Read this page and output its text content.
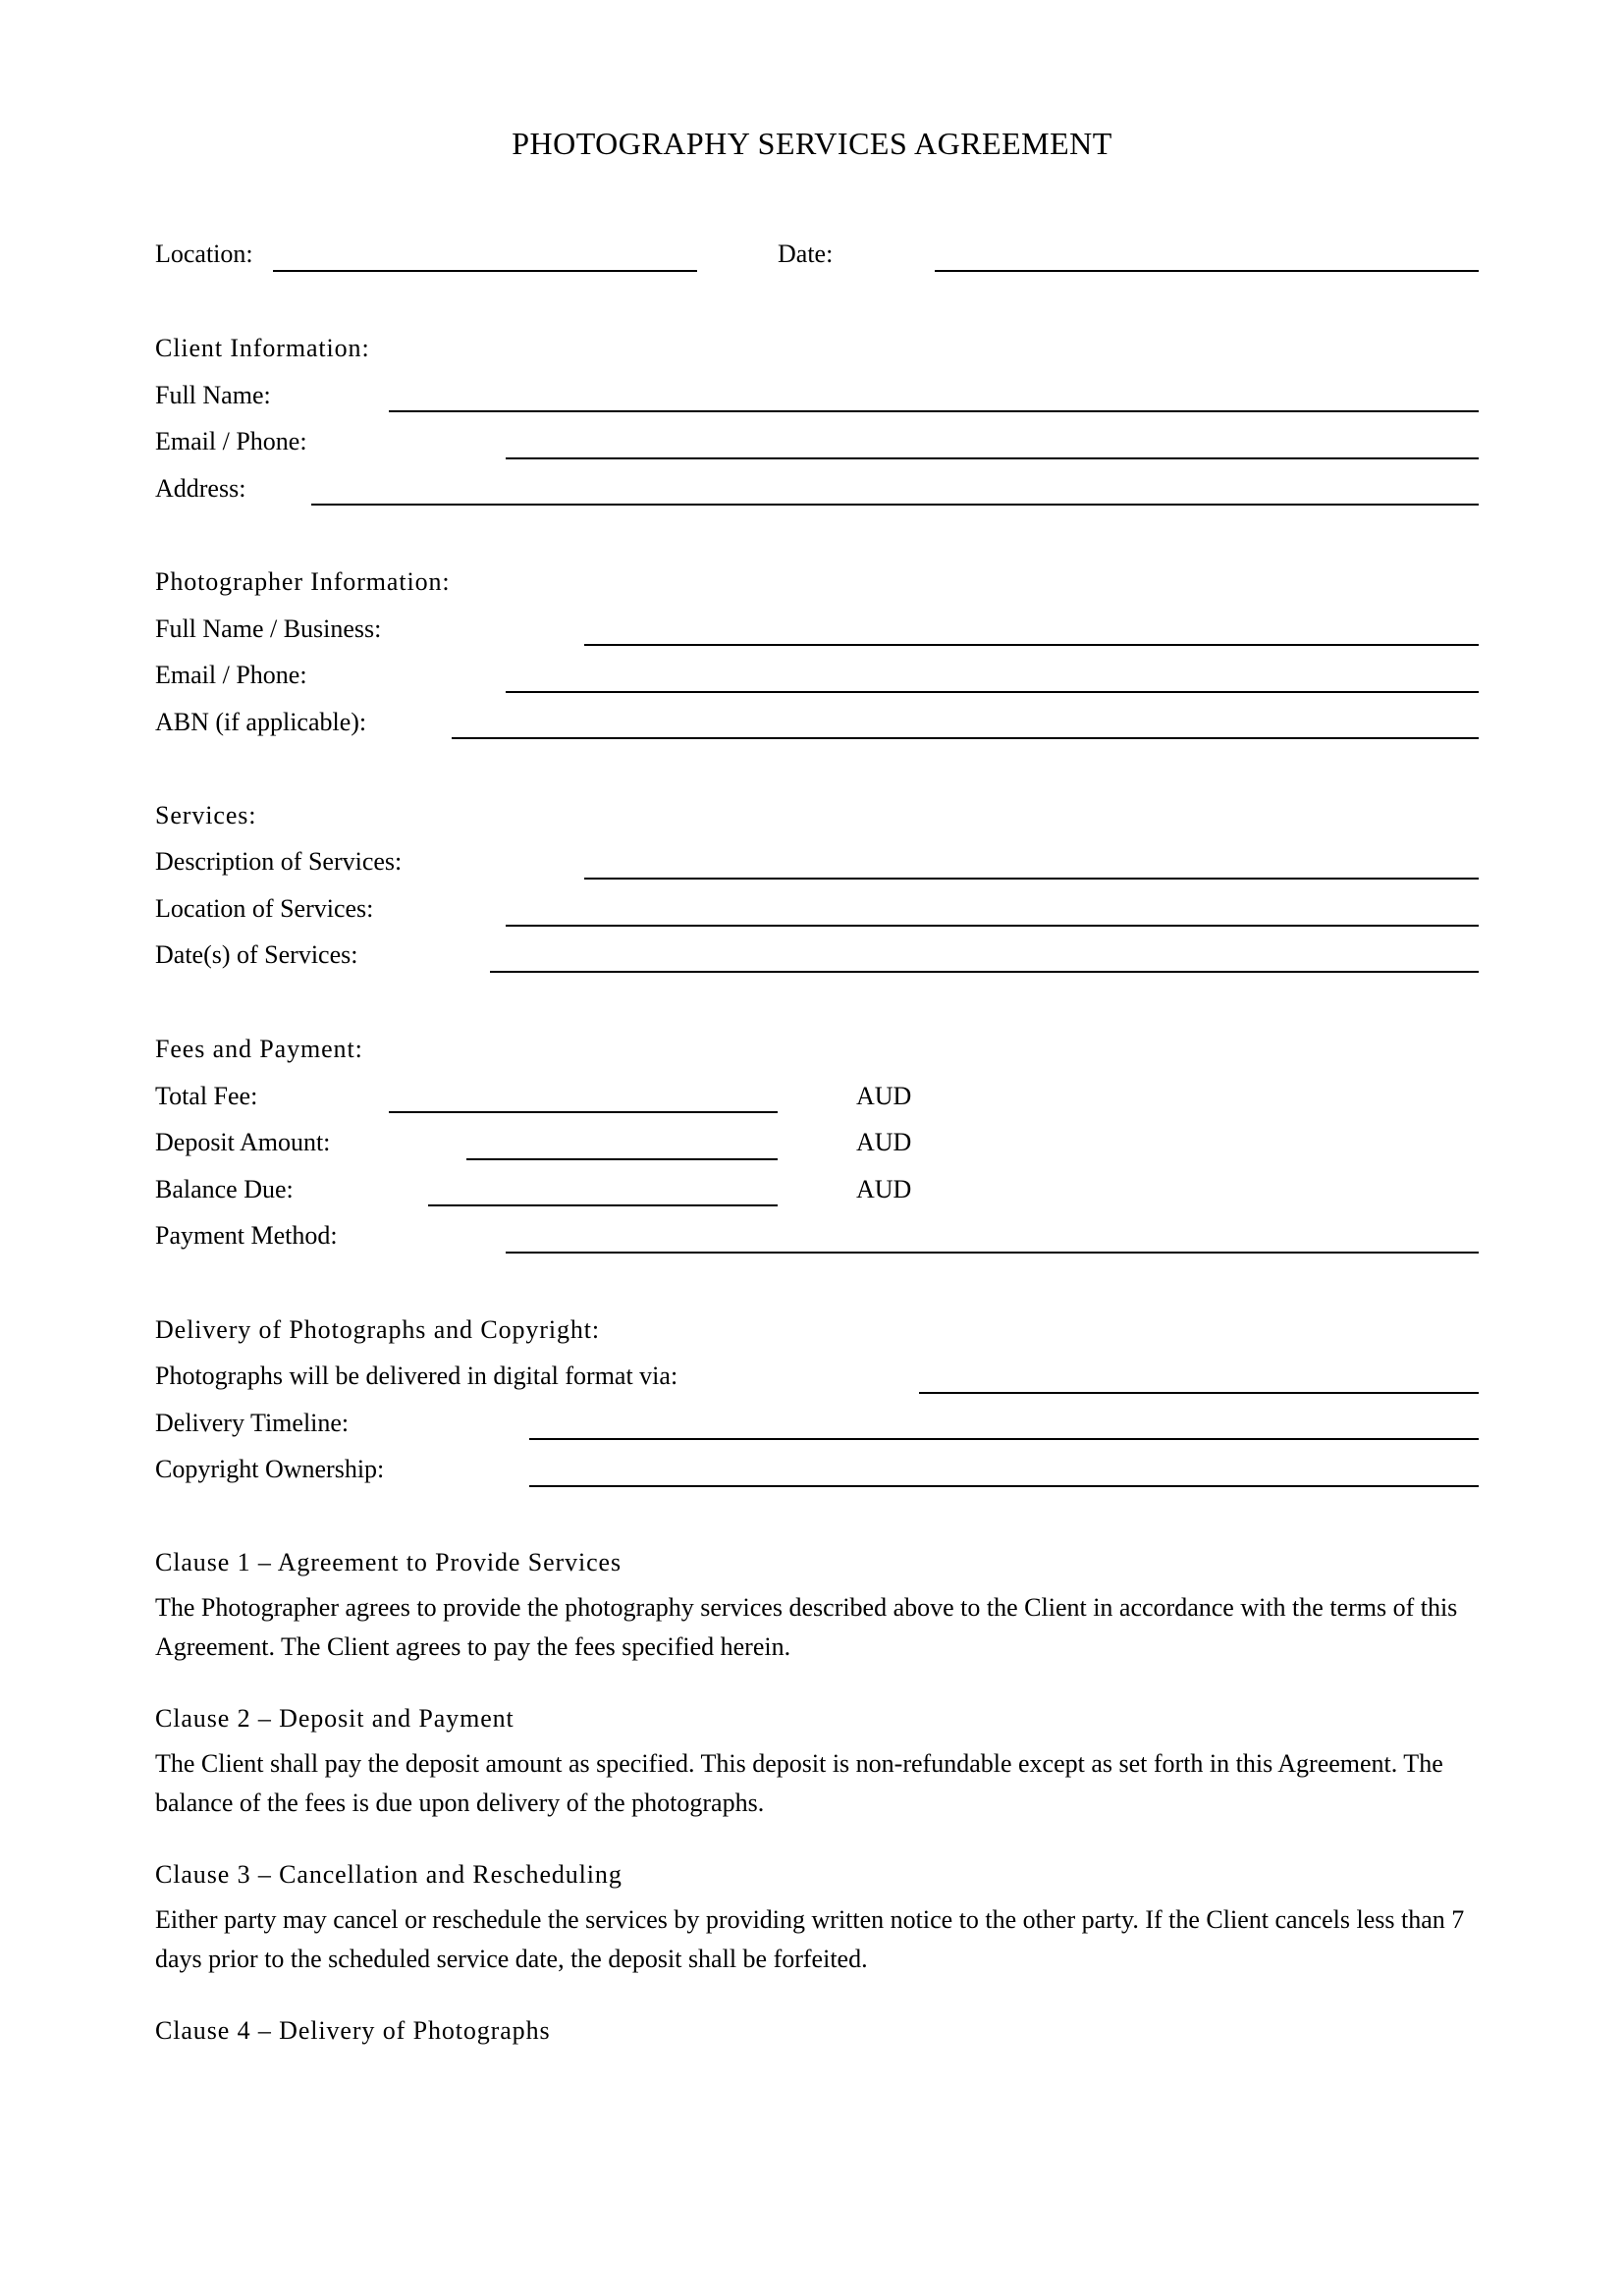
PHOTOGRAPHY SERVICES AGREEMENT
Location:	Date:
Client Information:
Full Name:
Email / Phone:
Address:
Photographer Information:
Full Name / Business:
Email / Phone:
ABN (if applicable):
Services:
Description of Services:
Location of Services:
Date(s) of Services:
Fees and Payment:
Total Fee:	AUD
Deposit Amount:	AUD
Balance Due:	AUD
Payment Method:
Delivery of Photographs and Copyright:
Photographs will be delivered in digital format via:
Delivery Timeline:
Copyright Ownership:
Clause 1 – Agreement to Provide Services
The Photographer agrees to provide the photography services described above to the Client in accordance with the terms of this Agreement. The Client agrees to pay the fees specified herein.
Clause 2 – Deposit and Payment
The Client shall pay the deposit amount as specified. This deposit is non-refundable except as set forth in this Agreement. The balance of the fees is due upon delivery of the photographs.
Clause 3 – Cancellation and Rescheduling
Either party may cancel or reschedule the services by providing written notice to the other party. If the Client cancels less than 7 days prior to the scheduled service date, the deposit shall be forfeited.
Clause 4 – Delivery of Photographs
